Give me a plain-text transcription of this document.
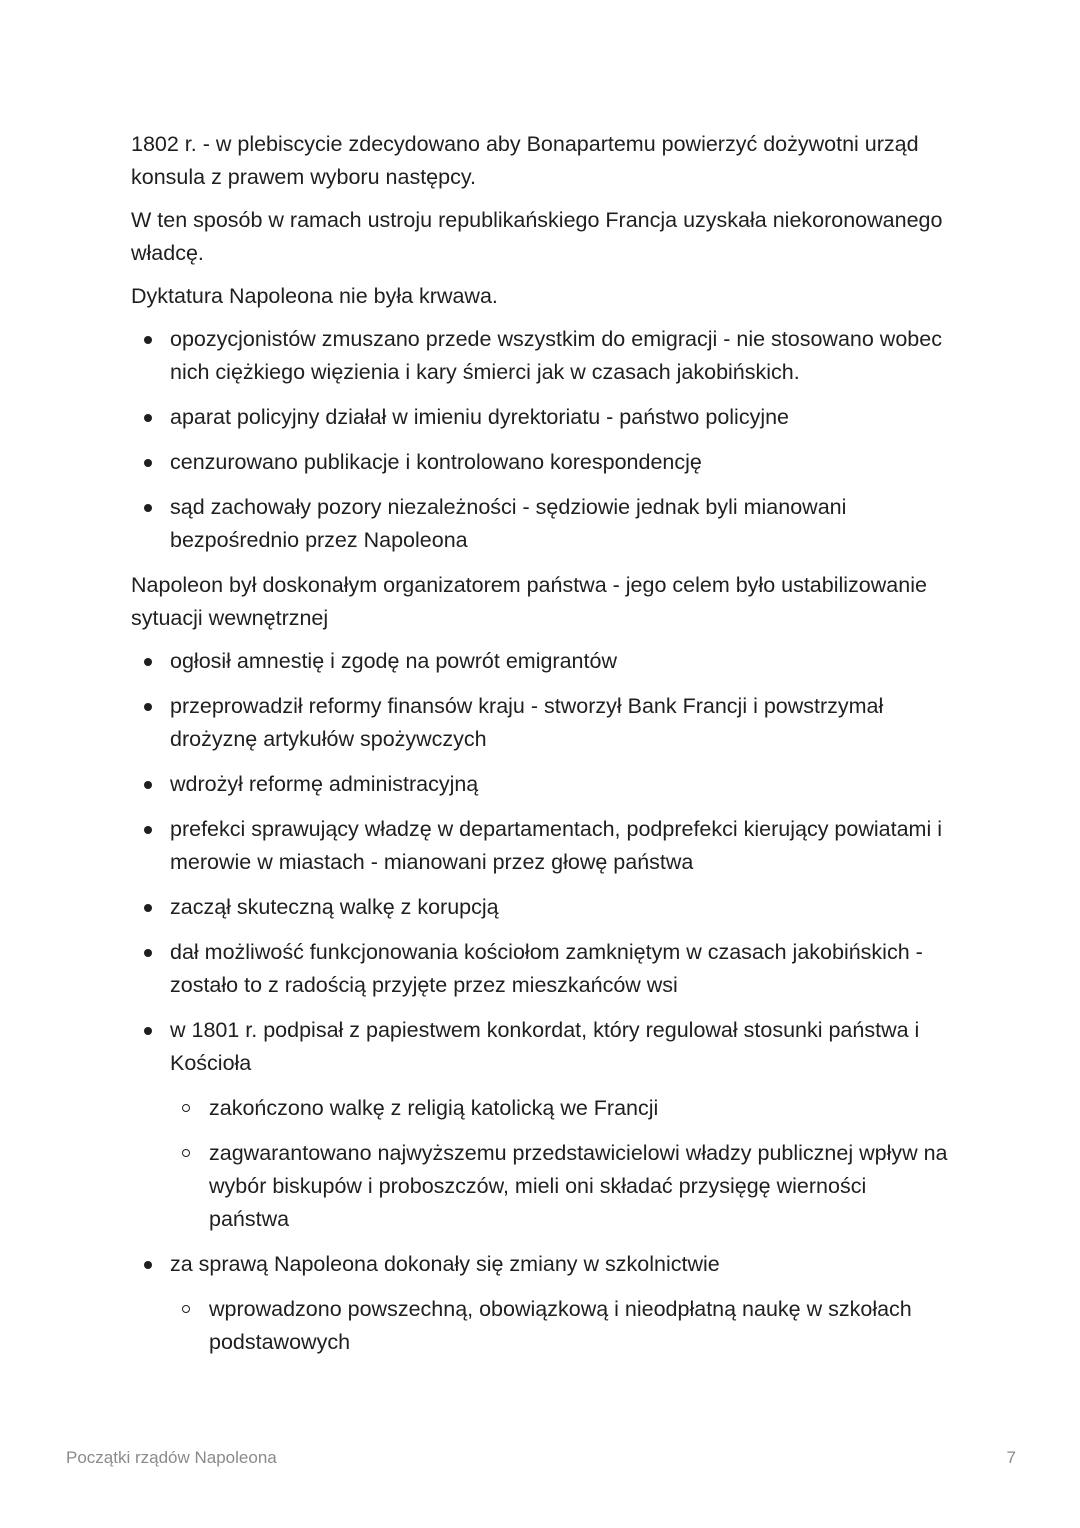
1802 r. - w plebiscycie zdecydowano aby Bonapartemu powierzyć dożywotni urząd konsula z prawem wyboru następcy.

W ten sposób w ramach ustroju republikańskiego Francja uzyskała niekoronowanego władcę.

Dyktatura Napoleona nie była krwawa.

opozycjonistów zmuszano przede wszystkim do emigracji - nie stosowano wobec nich ciężkiego więzienia i kary śmierci jak w czasach jakobińskich.
aparat policyjny działał w imieniu dyrektoriatu - państwo policyjne
cenzurowano publikacje i kontrolowano korespondencję
sąd zachowały pozory niezależności - sędziowie jednak byli mianowani bezpośrednio przez Napoleona

Napoleon był doskonałym organizatorem państwa - jego celem było ustabilizowanie sytuacji wewnętrznej

ogłosił amnestię i zgodę na powrót emigrantów
przeprowadził reformy finansów kraju - stworzył Bank Francji i powstrzymał drożyznę artykułów spożywczych
wdrożył reformę administracyjną
prefekci sprawujący władzę w departamentach, podprefekci kierujący powiatami i merowie w miastach - mianowani przez głowę państwa
zaczął skuteczną walkę z korupcją
dał możliwość funkcjonowania kościołom zamkniętym w czasach jakobińskich - zostało to z radością przyjęte przez mieszkańców wsi
w 1801 r. podpisał z papiestwem konkordat, który regulował stosunki państwa i Kościoła
zakończono walkę z religią katolicką we Francji
zagwarantowano najwyższemu przedstawicielowi władzy publicznej wpływ na wybór biskupów i proboszczów, mieli oni składać przysięgę wierności państwa
za sprawą Napoleona dokonały się zmiany w szkolnictwie
wprowadzono powszechną, obowiązkową i nieodpłatną naukę w szkołach podstawowych
Początki rządów Napoleona	7
